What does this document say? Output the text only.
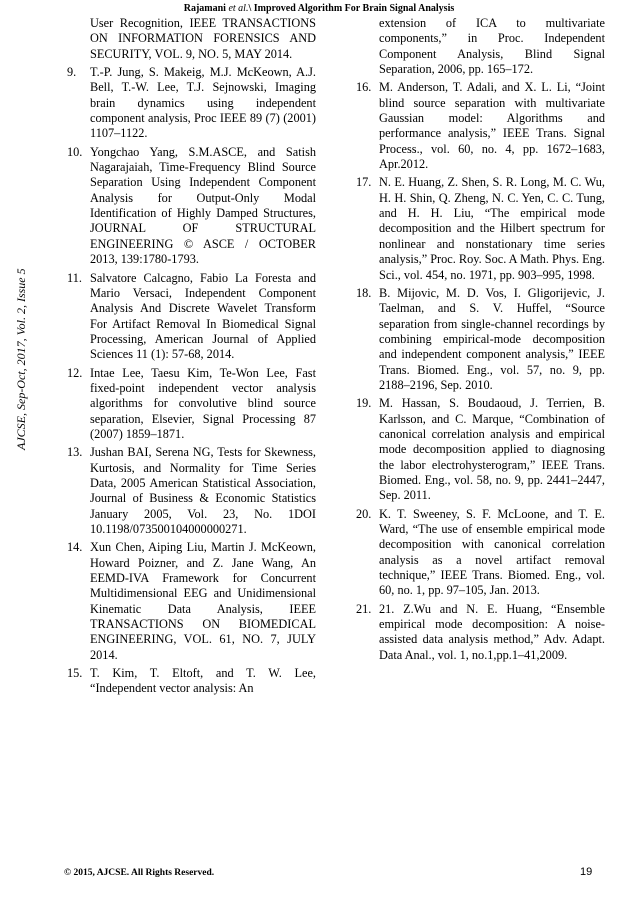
Rajamani et al.\ Improved Algorithm For Brain Signal Analysis
AJCSE, Sep-Oct, 2017, Vol. 2, Issue 5
User Recognition, IEEE TRANSACTIONS ON INFORMATION FORENSICS AND SECURITY, VOL. 9, NO. 5, MAY 2014.
9.	T.-P. Jung, S. Makeig, M.J. McKeown, A.J. Bell, T.-W. Lee, T.J. Sejnowski, Imaging brain dynamics using independent component analysis, Proc IEEE 89 (7) (2001) 1107–1122.
10. Yongchao Yang, S.M.ASCE, and Satish Nagarajaiah, Time-Frequency Blind Source Separation Using Independent Component Analysis for Output-Only Modal Identification of Highly Damped Structures, JOURNAL OF STRUCTURAL ENGINEERING © ASCE / OCTOBER 2013, 139:1780-1793.
11. Salvatore Calcagno, Fabio La Foresta and Mario Versaci, Independent Component Analysis And Discrete Wavelet Transform For Artifact Removal In Biomedical Signal Processing, American Journal of Applied Sciences 11 (1): 57-68, 2014.
12. Intae Lee, Taesu Kim, Te-Won Lee, Fast fixed-point independent vector analysis algorithms for convolutive blind source separation, Elsevier, Signal Processing 87 (2007) 1859–1871.
13. Jushan BAI, Serena NG, Tests for Skewness, Kurtosis, and Normality for Time Series Data, 2005 American Statistical Association, Journal of Business & Economic Statistics January 2005, Vol. 23, No. 1DOI 10.1198/073500104000000271.
14. Xun Chen, Aiping Liu, Martin J. McKeown, Howard Poizner, and Z. Jane Wang, An EEMD-IVA Framework for Concurrent Multidimensional EEG and Unidimensional Kinematic Data Analysis, IEEE TRANSACTIONS ON BIOMEDICAL ENGINEERING, VOL. 61, NO. 7, JULY 2014.
15. T. Kim, T. Eltoft, and T. W. Lee, “Independent vector analysis: An
extension of ICA to multivariate components,” in Proc. Independent Component Analysis, Blind Signal Separation, 2006, pp. 165–172.
16. M. Anderson, T. Adali, and X. L. Li, “Joint blind source separation with multivariate Gaussian model: Algorithms and performance analysis,” IEEE Trans. Signal Process., vol. 60, no. 4, pp. 1672–1683, Apr.2012.
17. N. E. Huang, Z. Shen, S. R. Long, M. C. Wu, H. H. Shin, Q. Zheng, N. C. Yen, C. C. Tung, and H. H. Liu, “The empirical mode decomposition and the Hilbert spectrum for nonlinear and nonstationary time series analysis,” Proc. Roy. Soc. A Math. Phys. Eng. Sci., vol. 454, no. 1971, pp. 903–995, 1998.
18. B. Mijovic, M. D. Vos, I. Gligorijevic, J. Taelman, and S. V. Huffel, “Source separation from single-channel recordings by combining empirical-mode decomposition and independent component analysis,” IEEE Trans. Biomed. Eng., vol. 57, no. 9, pp. 2188–2196, Sep. 2010.
19. M. Hassan, S. Boudaoud, J. Terrien, B. Karlsson, and C. Marque, “Combination of canonical correlation analysis and empirical mode decomposition applied to diagnosing the labor electrohysterogram,” IEEE Trans. Biomed. Eng., vol. 58, no. 9, pp. 2441–2447, Sep. 2011.
20. K. T. Sweeney, S. F. McLoone, and T. E. Ward, “The use of ensemble empirical mode decomposition with canonical correlation analysis as a novel artifact removal technique,” IEEE Trans. Biomed. Eng., vol. 60, no. 1, pp. 97–105, Jan. 2013.
21. 21. Z.Wu and N. E. Huang, “Ensemble empirical mode decomposition: A noise-assisted data analysis method,” Adv. Adapt. Data Anal., vol. 1, no.1,pp.1–41,2009.
© 2015, AJCSE. All Rights Reserved.	19
